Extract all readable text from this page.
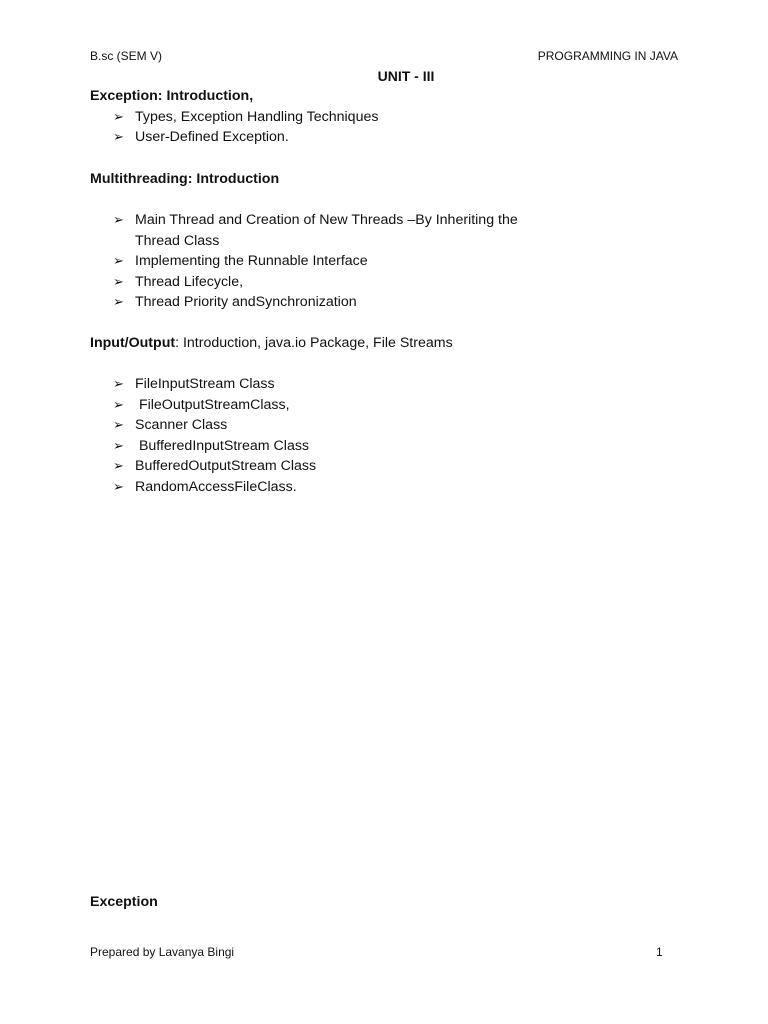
B.sc (SEM V)	PROGRAMMING IN JAVA
UNIT - III
Exception: Introduction,
➢ Types, Exception Handling Techniques
➢ User-Defined Exception.
Multithreading: Introduction
➢ Main Thread and Creation of New Threads –By Inheriting the
Thread Class
➢ Implementing the Runnable Interface
➢ Thread Lifecycle,
➢ Thread Priority andSynchronization
Input/Output: Introduction, java.io Package, File Streams
➢ FileInputStream Class
➢ FileOutputStreamClass,
➢ Scanner Class
➢ BufferedInputStream Class
➢ BufferedOutputStream Class
➢ RandomAccessFileClass.
Exception
Prepared by Lavanya Bingi	1
